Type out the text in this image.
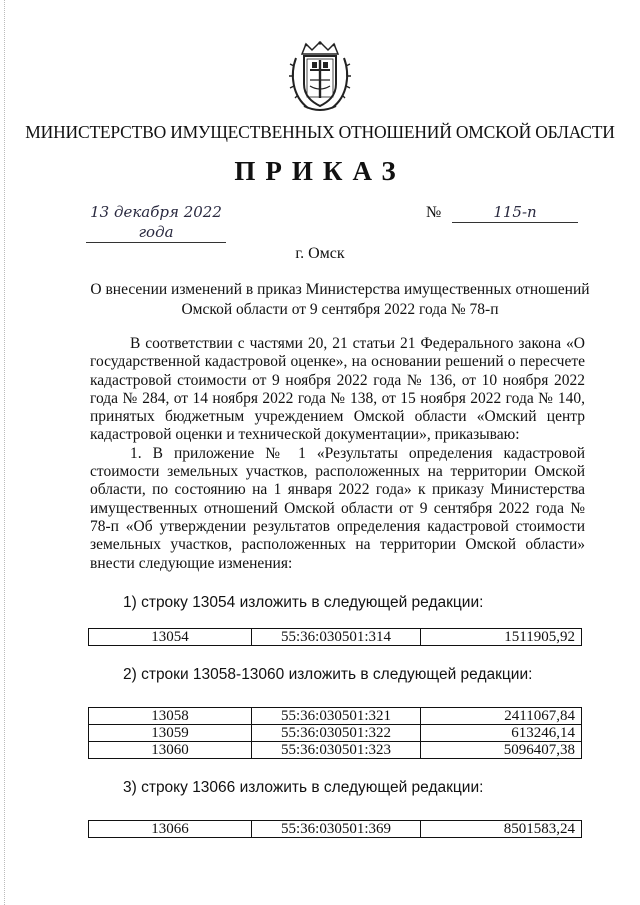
МИНИСТЕРСТВО ИМУЩЕСТВЕННЫХ ОТНОШЕНИЙ ОМСКОЙ ОБЛАСТИ
ПРИКАЗ
13 декабря 2022 года
№	115-п
г. Омск
О внесении изменений в приказ Министерства имущественных отношений Омской области от 9 сентября 2022 года № 78-п

В соответствии с частями 20, 21 статьи 21 Федерального закона «О государственной кадастровой оценке», на основании решений о пересчете кадастровой стоимости от 9 ноября 2022 года № 136, от 10 ноября 2022 года № 284, от 14 ноября 2022 года № 138, от 15 ноября 2022 года № 140, принятых бюджетным учреждением Омской области «Омский центр кадастровой оценки и технической документации», приказываю:

1. В приложение № 1 «Результаты определения кадастровой стоимости земельных участков, расположенных на территории Омской области, по состоянию на 1 января 2022 года» к приказу Министерства имущественных отношений Омской области от 9 сентября 2022 года № 78-п «Об утверждении результатов определения кадастровой стоимости земельных участков, расположенных на территории Омской области» внести следующие изменения:

1) строку 13054 изложить в следующей редакции:
13054	55:36:030501:314	1511905,92
2) строки 13058-13060 изложить в следующей редакции:
13058	55:36:030501:321	2411067,84
13059	55:36:030501:322	613246,14
13060	55:36:030501:323	5096407,38
3) строку 13066 изложить в следующей редакции:
13066	55:36:030501:369	8501583,24
